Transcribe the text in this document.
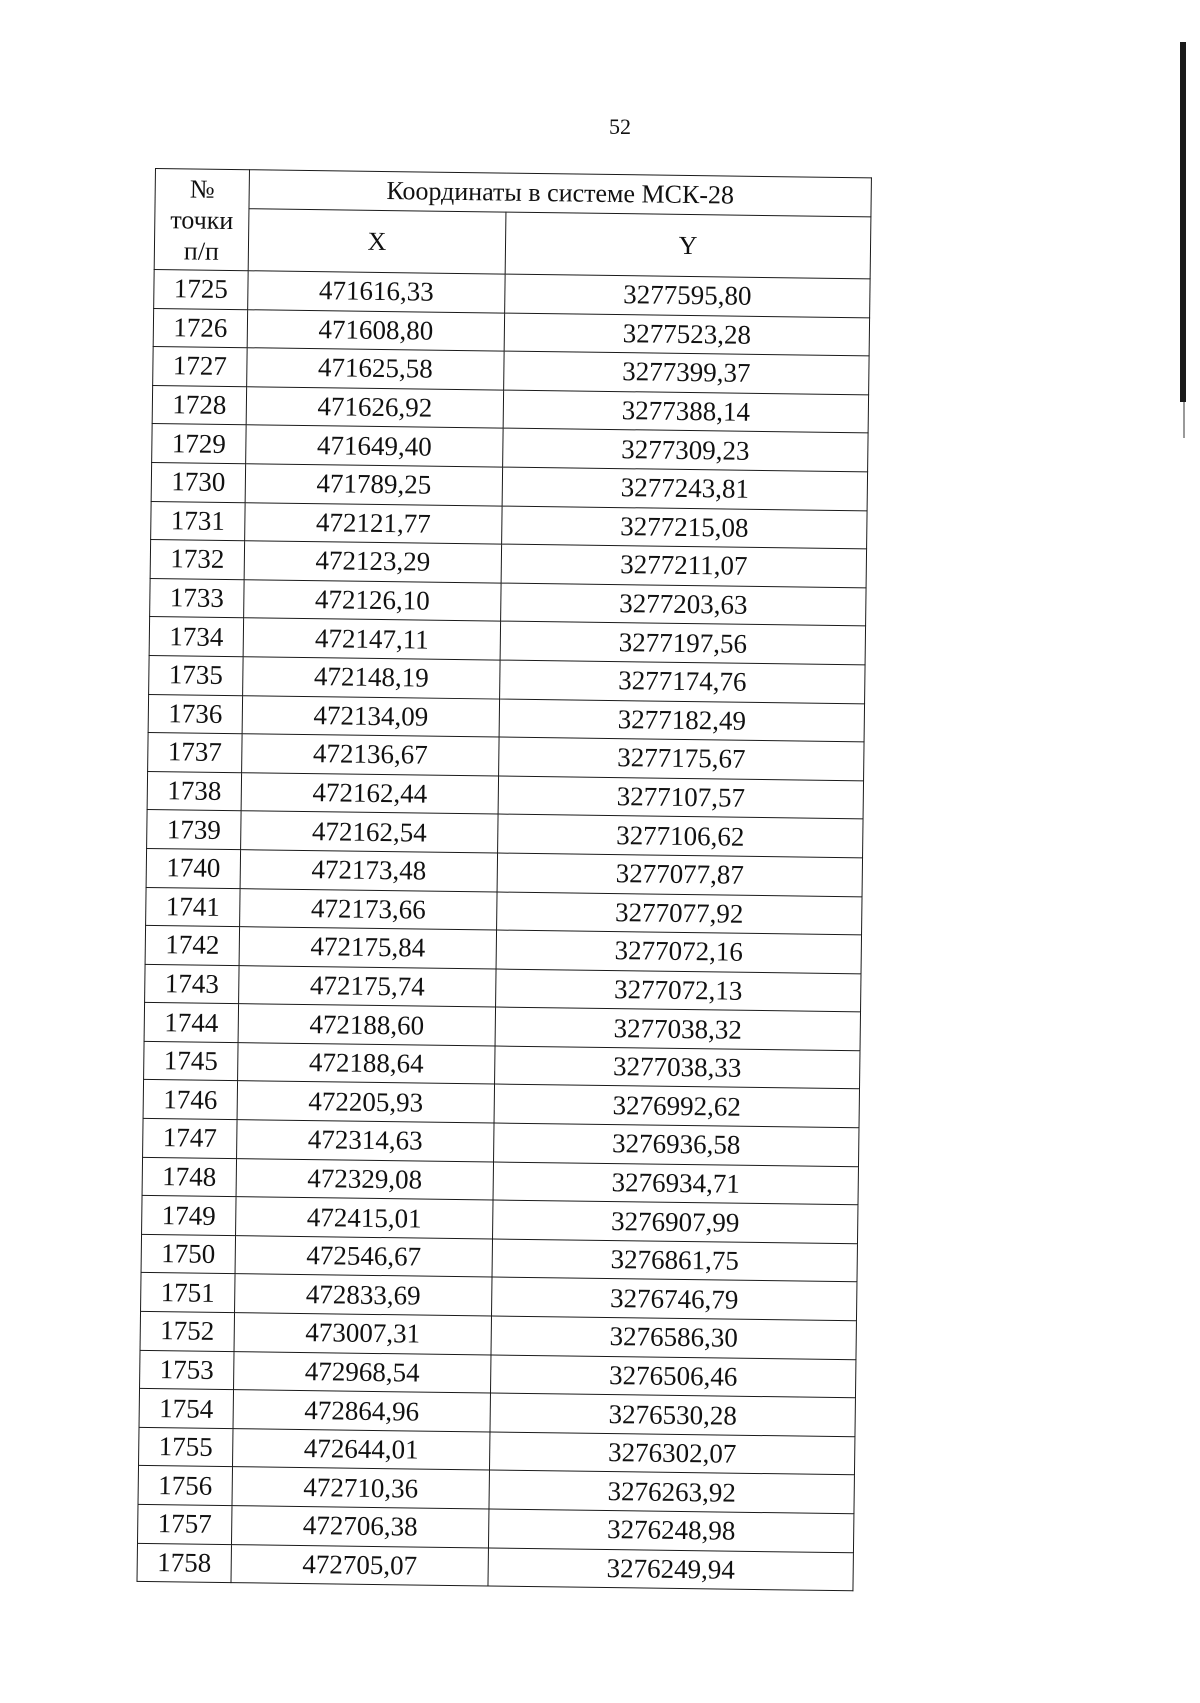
52
№
точки
п/п	Координаты в системе МСК-28	
	X	Y
1725	471616,33	3277595,80
1726	471608,80	3277523,28
1727	471625,58	3277399,37
1728	471626,92	3277388,14
1729	471649,40	3277309,23
1730	471789,25	3277243,81
1731	472121,77	3277215,08
1732	472123,29	3277211,07
1733	472126,10	3277203,63
1734	472147,11	3277197,56
1735	472148,19	3277174,76
1736	472134,09	3277182,49
1737	472136,67	3277175,67
1738	472162,44	3277107,57
1739	472162,54	3277106,62
1740	472173,48	3277077,87
1741	472173,66	3277077,92
1742	472175,84	3277072,16
1743	472175,74	3277072,13
1744	472188,60	3277038,32
1745	472188,64	3277038,33
1746	472205,93	3276992,62
1747	472314,63	3276936,58
1748	472329,08	3276934,71
1749	472415,01	3276907,99
1750	472546,67	3276861,75
1751	472833,69	3276746,79
1752	473007,31	3276586,30
1753	472968,54	3276506,46
1754	472864,96	3276530,28
1755	472644,01	3276302,07
1756	472710,36	3276263,92
1757	472706,38	3276248,98
1758	472705,07	3276249,94
